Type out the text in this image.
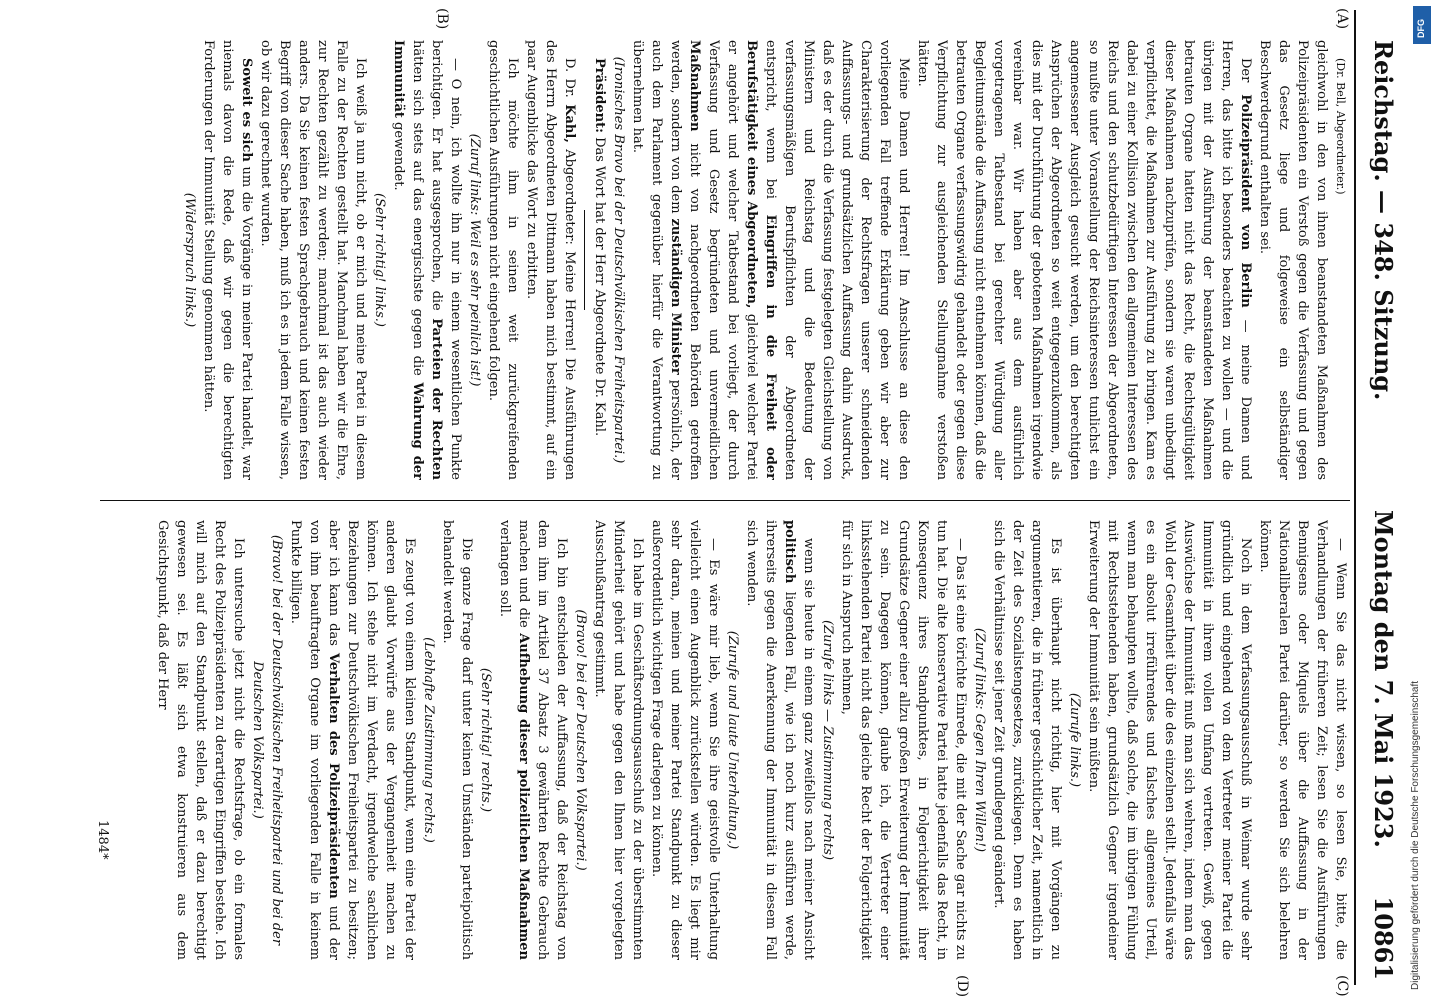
Reichstag. — 348. Sitzung.
Montag den 7. Mai 1923.
10861
(A)
(B)
(C)
(D)

(Dr. Bell, Abgeordneter.)

gleichwohl in den von ihnen beanstandeten Maßnahmen des Polizeipräsidenten ein Verstoß gegen die Verfassung und gegen das Gesetz liege und folgeweise ein selbständiger Beschwerdegrund enthalten sei.

Der Polizeipräsident von Berlin — meine Damen und Herren, das bitte ich besonders beachten zu wollen — und die übrigen mit der Ausführung der beanstandeten Maßnahmen betrauten Organe hatten nicht das Recht, die Rechtsgültigkeit dieser Maßnahmen nachzuprüfen, sondern sie waren unbedingt verpflichtet, die Maßnahmen zur Ausführung zu bringen. Kam es dabei zu einer Kollision zwischen den allgemeinen Interessen des Reichs und den schutzbedürftigen Interessen der Abgeordneten, so mußte unter Voranstellung der Reichsinteressen tunlichst ein angemessener Ausgleich gesucht werden, um den berechtigten Ansprüchen der Abgeordneten so weit entgegenzukommen, als dies mit der Durchführung der gebotenen Maßnahmen irgendwie vereinbar war. Wir haben aber aus dem ausführlich vorgetragenen Tatbestand bei gerechter Würdigung aller Begleitumstände die Auffassung nicht entnehmen können, daß die betrauten Organe verfassungswidrig gehandelt oder gegen diese Verpflichtung zur ausgleichenden Stellungnahme verstoßen hätten.

Meine Damen und Herren! Im Anschlusse an diese den vorliegenden Fall treffende Erklärung geben wir aber zur Charakterisierung der Rechtsfragen unserer schneidenden Auffassungs- und grundsätzlichen Auffassung dahin Ausdruck, daß es der durch die Verfassung festgelegten Gleichstellung von Ministern und Reichstag und die Bedeutung der verfassungsmäßigen Berufspflichten der Abgeordneten entspricht, wenn bei Eingriffen in die Freiheit oder Berufstätigkeit eines Abgeordneten, gleichviel welcher Partei er angehört und welcher Tatbestand bei vorliegt, der durch Verfassung und Gesetz begründeten und unvermeidlichen Maßnahmen nicht von nachgeordneten Behörden getroffen werden, sondern von dem zuständigen Minister persönlich, der auch dem Parlament gegenüber hierfür die Verantwortung zu übernehmen hat.

(Ironisches Bravo bei der Deutschvölkischen Freiheitspartei.)

Präsident: Das Wort hat der Herr Abgeordnete Dr. Kahl.

D. Dr. Kahl, Abgeordneter: Meine Herren! Die Ausführungen des Herrn Abgeordneten Dittmann haben mich bestimmt, auf ein paar Augenblicke das Wort zu erbitten.

Ich möchte ihm in seinen weit zurückgreifenden geschichtlichen Ausführungen nicht eingehend folgen.

(Zuruf links: Weil es sehr peinlich ist!)

— O nein, ich wollte ihn nur in einem wesentlichen Punkte berichtigen. Er hat ausgesprochen, die Parteien der Rechten hätten sich stets auf das energischste gegen die Wahrung der Immunität gewendet.

(Sehr richtig! links.)

Ich weiß ja nun nicht, ob er mich und meine Partei in diesem Falle zu der Rechten gestellt hat. Manchmal haben wir die Ehre, zur Rechten gezählt zu werden; manchmal ist das auch wieder anders. Da Sie keinen festen Sprachgebrauch und keinen festen Begriff von dieser Sache haben, muß ich es in jedem Falle wissen, ob wir dazu gerechnet wurden.

Soweit es sich um die Vorgänge in meiner Partei handelt, war niemals davon die Rede, daß wir gegen die berechtigten Forderungen der Immunität Stellung genommen hätten.

(Widerspruch links.)

— Wenn Sie das nicht wissen, so lesen Sie, bitte, die Verhandlungen der früheren Zeit; lesen Sie die Ausführungen Bennigsens oder Miquels über die Auffassung in der Nationalliberalen Partei darüber, so werden Sie sich belehren können.

Noch in dem Verfassungsausschuß in Weimar wurde sehr gründlich und eingehend von dem Vertreter meiner Partei die Immunität in ihrem vollen Umfang vertreten. Gewiß, gegen Auswüchse der Immunität muß man sich wehren, indem man das Wohl der Gesamtheit über die des einzelnen stellt. Jedenfalls wäre es ein absolut irreführendes und falsches allgemeines Urteil, wenn man behaupten wollte, daß solche, die im übrigen Fühlung mit Rechtsstehenden haben, grundsätzlich Gegner irgendeiner Erweiterung der Immunität sein müßten.

(Zurufe links.)

Es ist überhaupt nicht richtig, hier mit Vorgängen zu argumentieren, die in früherer geschichtlicher Zeit, namentlich in der Zeit des Sozialistengesetzes, zurückliegen. Denn es haben sich die Verhältnisse seit jener Zeit grundlegend geändert.

(Zuruf links: Gegen Ihren Willen!)

— Das ist eine törichte Einrede, die mit der Sache gar nichts zu tun hat. Die alte konservative Partei hatte jedenfalls das Recht, in Konsequenz ihres Standpunktes, in Folgerichtigkeit ihrer Grundsätze Gegner einer allzu großen Erweiterung der Immunität zu sein. Dagegen können, glaube ich, die Vertreter einer linksstehenden Partei nicht das gleiche Recht der Folgerichtigkeit für sich in Anspruch nehmen,

(Zurufe links — Zustimmung rechts)

wenn sie heute in einem ganz zweifellos nach meiner Ansicht politisch liegenden Fall, wie ich noch kurz ausführen werde, ihrerseits gegen die Anerkennung der Immunität in diesem Fall sich wenden.

(Zurufe und laute Unterhaltung.)

— Es wäre mir lieb, wenn Sie ihre geistvolle Unterhaltung vielleicht einen Augenblick zurückstellen würden. Es liegt mir sehr daran, meinen und meiner Partei Standpunkt zu dieser außerordentlich wichtigen Frage darlegen zu können.

Ich habe im Geschäftsordnungsausschuß zu der überstimmten Minderheit gehört und habe gegen den Ihnen hier vorgelegten Ausschußantrag gestimmt.

(Bravo! bei der Deutschen Volkspartei.)

Ich bin entschieden der Auffassung, daß der Reichstag von dem ihm im Artikel 37 Absatz 3 gewährten Rechte Gebrauch machen und die Aufhebung dieser polizeilichen Maßnahmen verlangen soll.

(Sehr richtig! rechts.)

Die ganze Frage darf unter keinen Umständen parteipolitisch behandelt werden.

(Lebhafte Zustimmung rechts.)

Es zeugt von einem kleinen Standpunkt, wenn eine Partei der anderen glaubt Vorwürfe aus der Vergangenheit machen zu können. Ich stehe nicht im Verdacht, irgendwelche sachlichen Beziehungen zur Deutschvölkischen Freiheitspartei zu besitzen; aber ich kann das Verhalten des Polizeipräsidenten und der von ihm beauftragten Organe im vorliegenden Falle in keinem Punkte billigen.

(Bravo! bei der Deutschvölkischen Freiheitspartei und bei der Deutschen Volkspartei.)

Ich untersuche jetzt nicht die Rechtsfrage, ob ein formales Recht des Polizeipräsidenten zu derartigen Eingriffen bestehe. Ich will mich auf den Standpunkt stellen, daß er dazu berechtigt gewesen sei. Es läßt sich etwa konstruieren aus dem Gesichtspunkt, daß der Herr

1484*
DFG
Digitalisierung gefördert durch die Deutsche Forschungsgemeinschaft
